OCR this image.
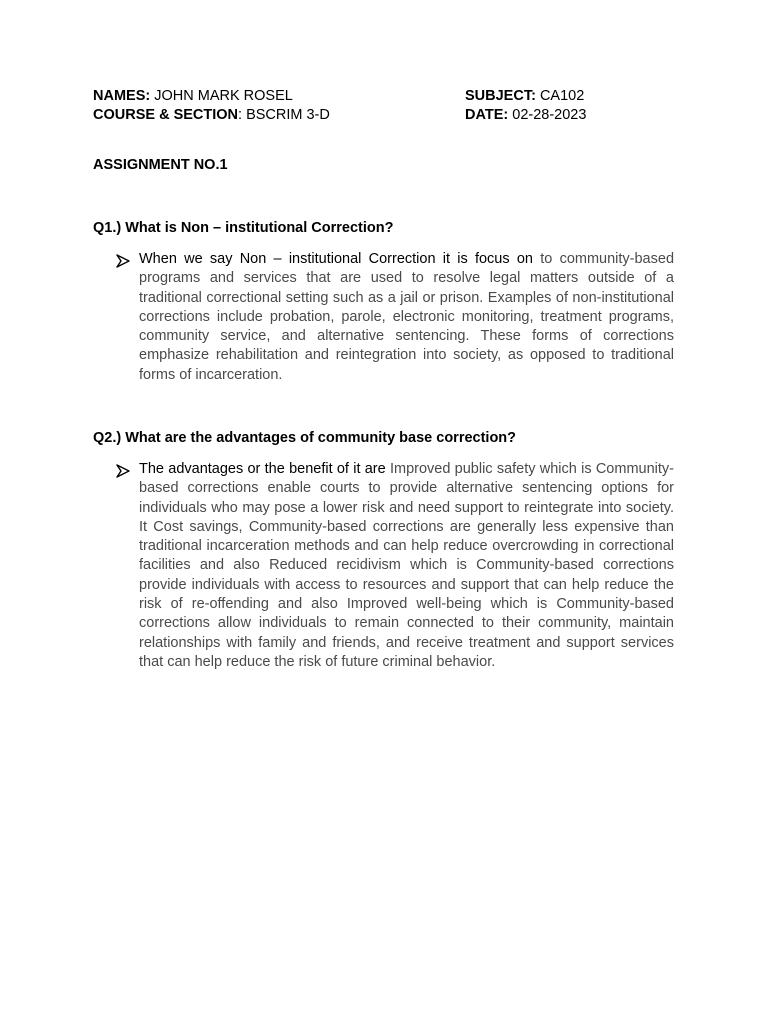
NAMES: JOHN MARK ROSEL
COURSE & SECTION: BSCRIM 3-D
SUBJECT: CA102
DATE: 02-28-2023
ASSIGNMENT NO.1
Q1.) What is Non – institutional Correction?
When we say Non – institutional Correction it is focus on to community-based programs and services that are used to resolve legal matters outside of a traditional correctional setting such as a jail or prison. Examples of non-institutional corrections include probation, parole, electronic monitoring, treatment programs, community service, and alternative sentencing. These forms of corrections emphasize rehabilitation and reintegration into society, as opposed to traditional forms of incarceration.
Q2.) What are the advantages of community base correction?
The advantages or the benefit of it are Improved public safety which is Community-based corrections enable courts to provide alternative sentencing options for individuals who may pose a lower risk and need support to reintegrate into society. It Cost savings, Community-based corrections are generally less expensive than traditional incarceration methods and can help reduce overcrowding in correctional facilities and also Reduced recidivism which is Community-based corrections provide individuals with access to resources and support that can help reduce the risk of re-offending and also Improved well-being which is Community-based corrections allow individuals to remain connected to their community, maintain relationships with family and friends, and receive treatment and support services that can help reduce the risk of future criminal behavior.
